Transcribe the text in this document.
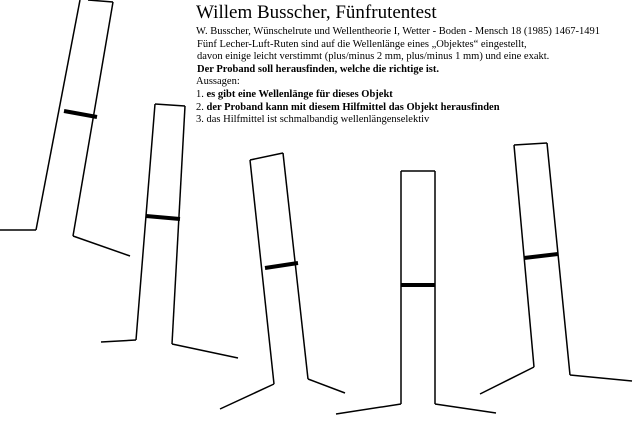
Willem Busscher, Fünfrutentest
W. Busscher, Wünschelrute und Wellentheorie I, Wetter - Boden - Mensch 18 (1985) 1467-1491
Fünf Lecher-Luft-Ruten sind auf die Wellenlänge eines „Objektes“ eingestellt,
davon einige leicht verstimmt (plus/minus 2 mm, plus/minus 1 mm) und eine exakt.
Der Proband soll herausfinden, welche die richtige ist.
Aussagen:
1. es gibt eine Wellenlänge für dieses Objekt
2. der Proband kann mit diesem Hilfmittel das Objekt herausfinden
3. das Hilfmittel ist schmalbandig wellenlängenselektiv
